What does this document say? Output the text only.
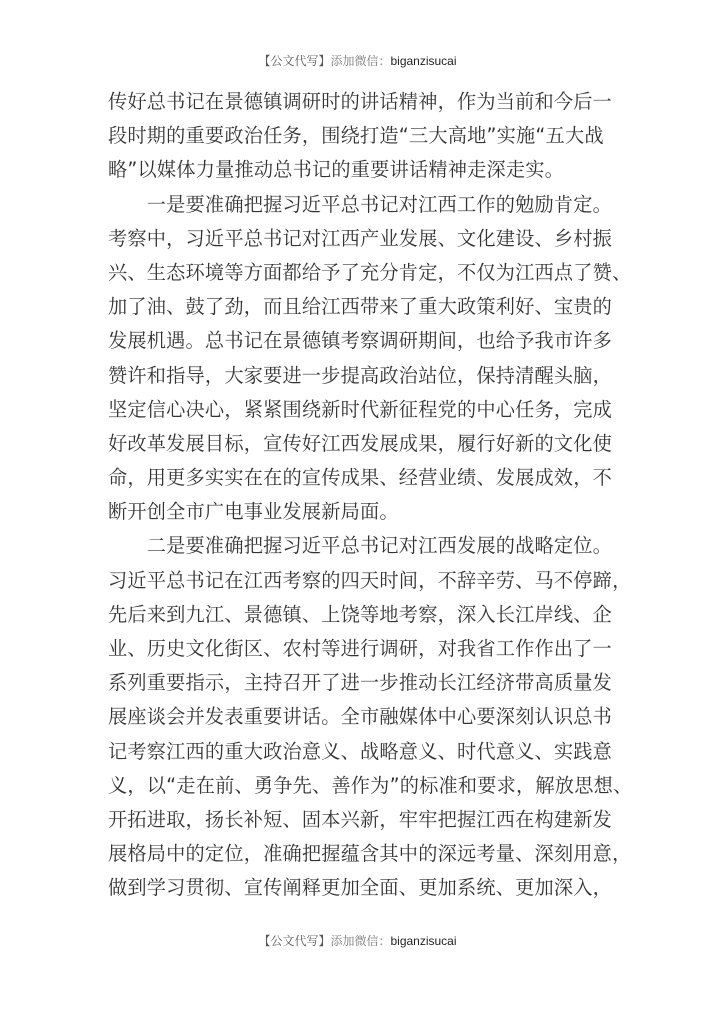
【公文代写】添加微信：biganzisucai
传好总书记在景德镇调研时的讲话精神，作为当前和今后一
段时期的重要政治任务，围绕打造“三大高地”实施“五大战
略”以媒体力量推动总书记的重要讲话精神走深走实。
　　一是要准确把握习近平总书记对江西工作的勉励肯定。
考察中，习近平总书记对江西产业发展、文化建设、乡村振
兴、生态环境等方面都给予了充分肯定，不仅为江西点了赞、
加了油、鼓了劲，而且给江西带来了重大政策利好、宝贵的
发展机遇。总书记在景德镇考察调研期间，也给予我市许多
赞许和指导，大家要进一步提高政治站位，保持清醒头脑，
坚定信心决心，紧紧围绕新时代新征程党的中心任务，完成
好改革发展目标，宣传好江西发展成果，履行好新的文化使
命，用更多实实在在的宣传成果、经营业绩、发展成效，不
断开创全市广电事业发展新局面。
　　二是要准确把握习近平总书记对江西发展的战略定位。
习近平总书记在江西考察的四天时间，不辞辛劳、马不停蹄，
先后来到九江、景德镇、上饶等地考察，深入长江岸线、企
业、历史文化街区、农村等进行调研，对我省工作作出了一
系列重要指示，主持召开了进一步推动长江经济带高质量发
展座谈会并发表重要讲话。全市融媒体中心要深刻认识总书
记考察江西的重大政治意义、战略意义、时代意义、实践意
义，以“走在前、勇争先、善作为”的标准和要求，解放思想、
开拓进取，扬长补短、固本兴新，牢牢把握江西在构建新发
展格局中的定位，准确把握蕴含其中的深远考量、深刻用意，
做到学习贯彻、宣传阐释更加全面、更加系统、更加深入，
【公文代写】添加微信：biganzisucai
